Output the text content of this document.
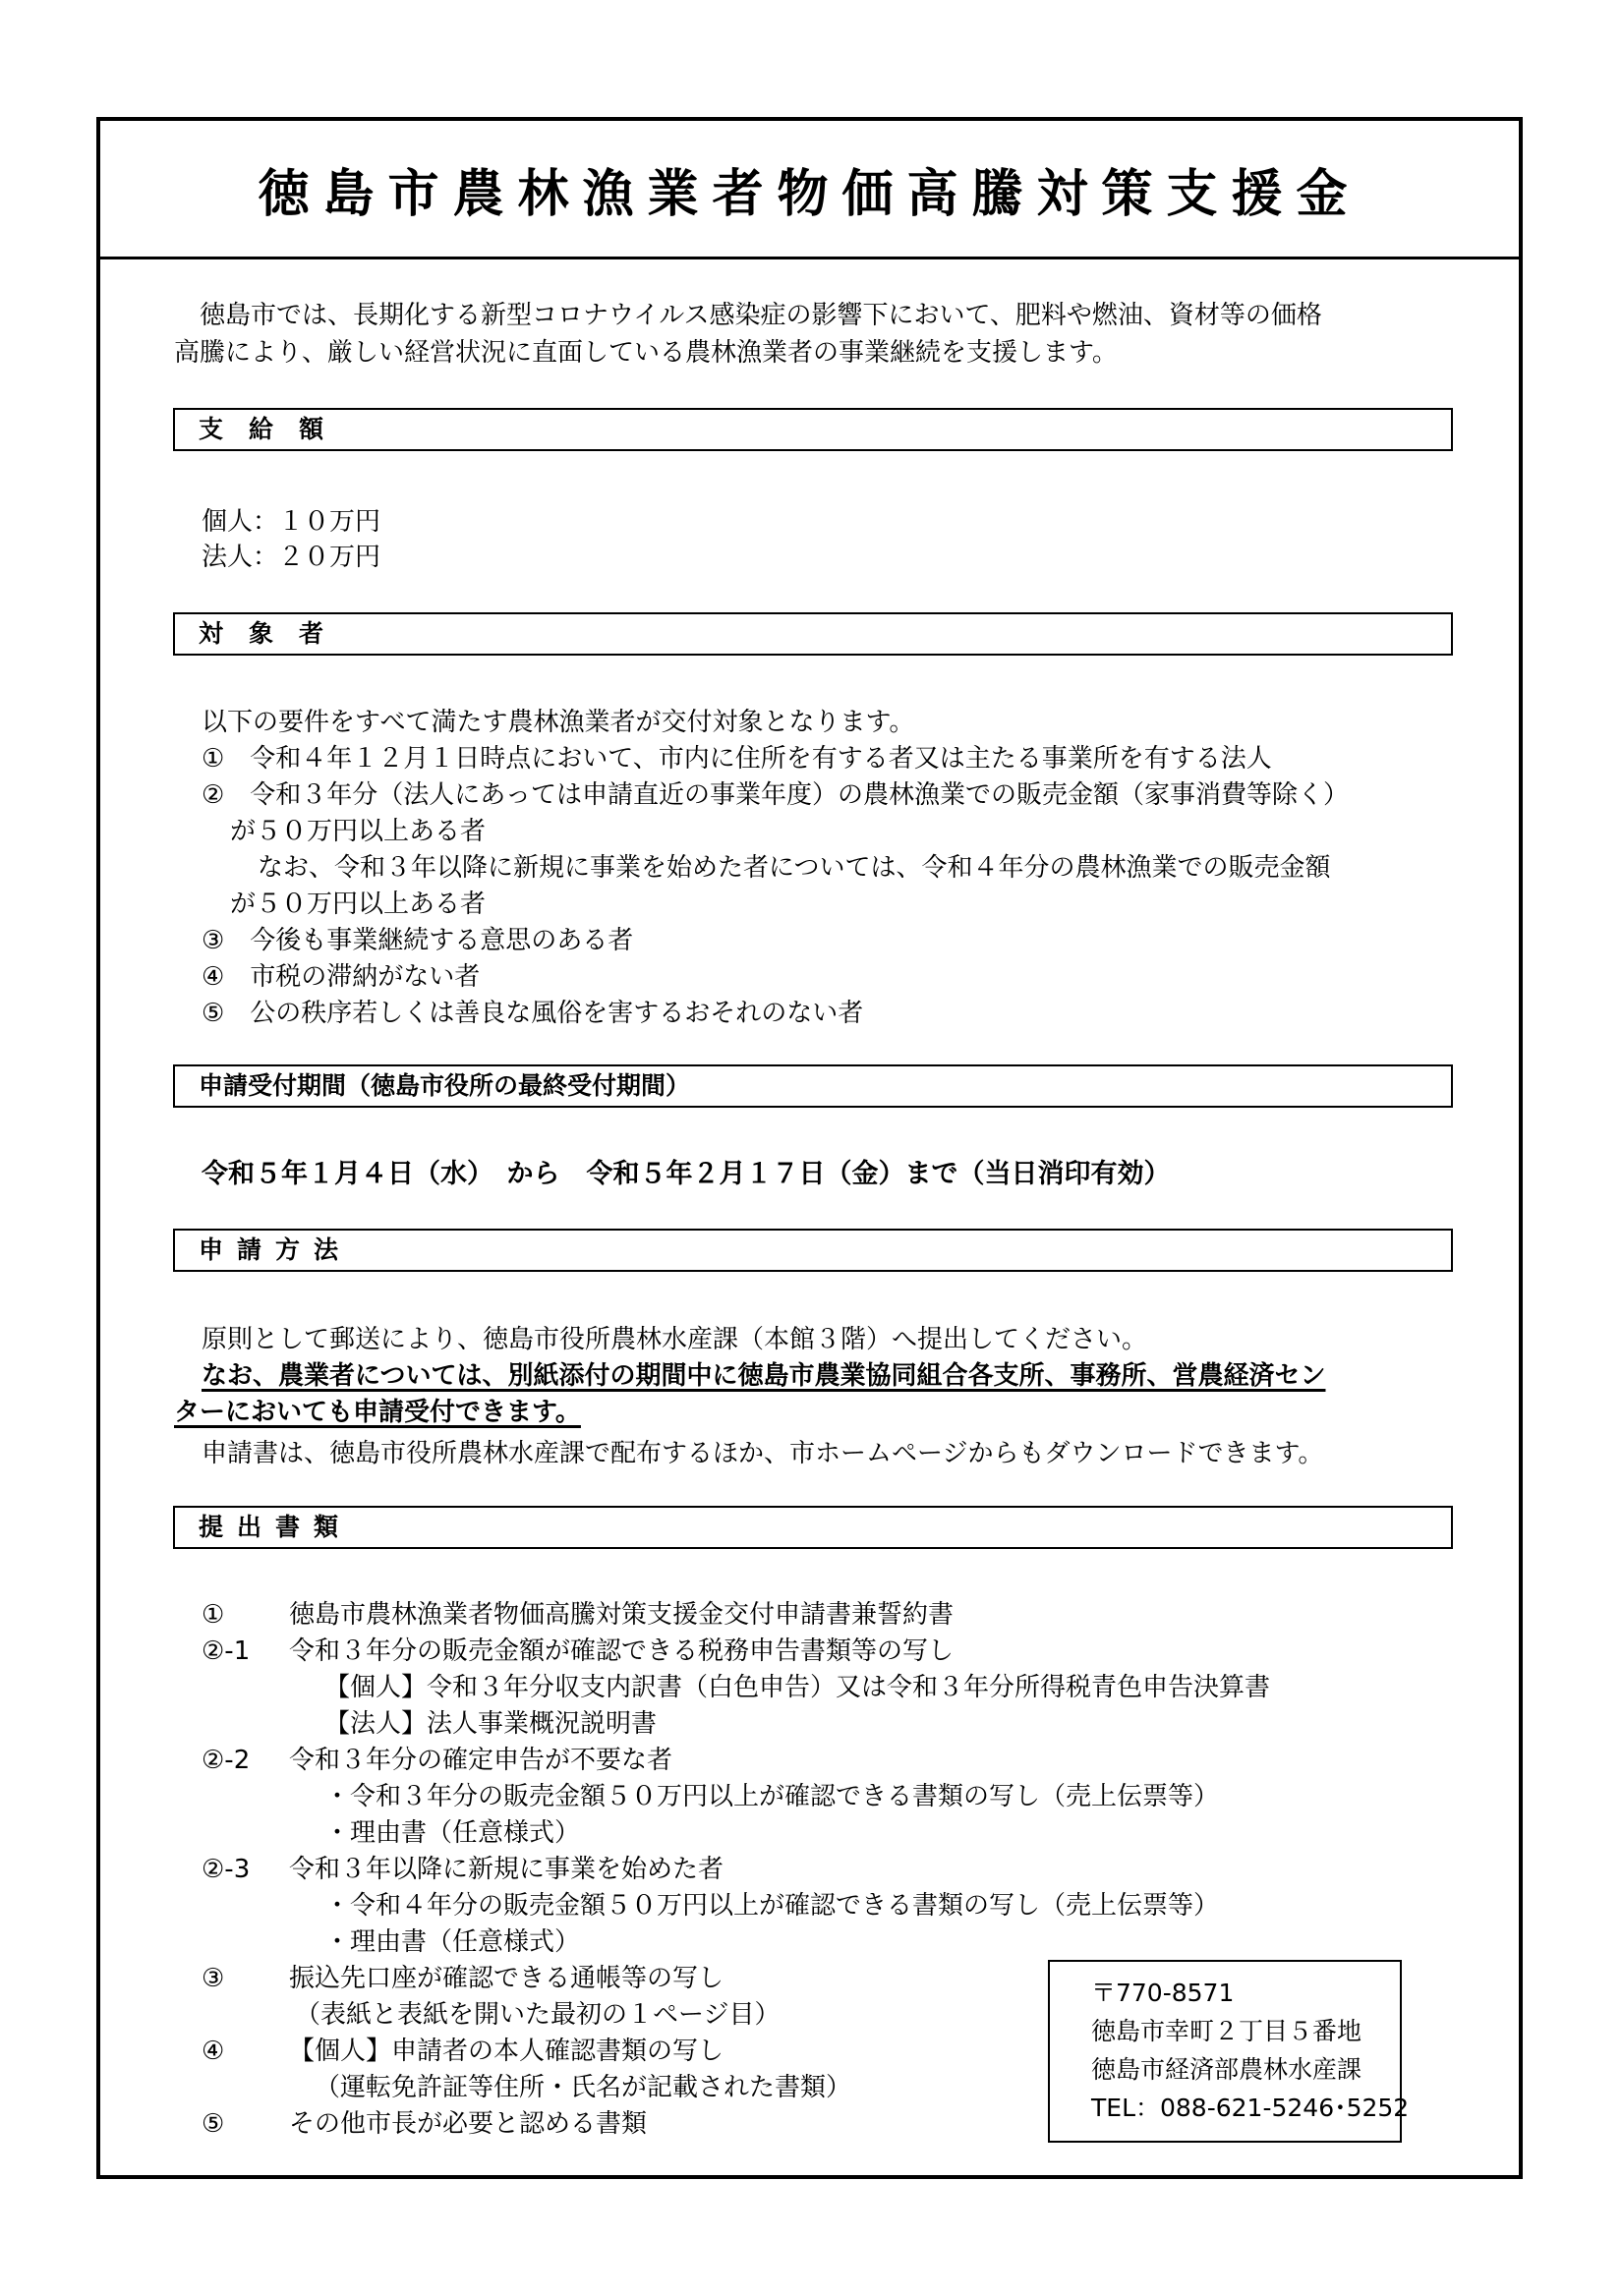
徳島市農林漁業者物価高騰対策支援金
　徳島市では、長期化する新型コロナウイルス感染症の影響下において、肥料や燃油、資材等の価格
高騰により、厳しい経営状況に直面している農林漁業者の事業継続を支援します。
支給額
個人：１０万円
法人：２０万円
対象者
以下の要件をすべて満たす農林漁業者が交付対象となります。
①　令和４年１２月１日時点において、市内に住所を有する者又は主たる事業所を有する法人
②　令和３年分（法人にあっては申請直近の事業年度）の農林漁業での販売金額（家事消費等除く）
が５０万円以上ある者
なお、令和３年以降に新規に事業を始めた者については、令和４年分の農林漁業での販売金額
が５０万円以上ある者
③　今後も事業継続する意思のある者
④　市税の滞納がない者
⑤　公の秩序若しくは善良な風俗を害するおそれのない者
申請受付期間（徳島市役所の最終受付期間）
令和５年１月４日（水）　から　令和５年２月１７日（金）まで（当日消印有効）
申請方法
原則として郵送により、徳島市役所農林水産課（本館３階）へ提出してください。
なお、農業者については、別紙添付の期間中に徳島市農業協同組合各支所、事務所、営農経済セン
ターにおいても申請受付できます。
申請書は、徳島市役所農林水産課で配布するほか、市ホームページからもダウンロードできます。
提出書類
①	徳島市農林漁業者物価高騰対策支援金交付申請書兼誓約書
②-1 令和３年分の販売金額が確認できる税務申告書類等の写し
【個人】令和３年分収支内訳書（白色申告）又は令和３年分所得税青色申告決算書
【法人】法人事業概況説明書
②-2 令和３年分の確定申告が不要な者
・令和３年分の販売金額５０万円以上が確認できる書類の写し（売上伝票等）
・理由書（任意様式）
②-3 令和３年以降に新規に事業を始めた者
・令和４年分の販売金額５０万円以上が確認できる書類の写し（売上伝票等）
・理由書（任意様式）
③	振込先口座が確認できる通帳等の写し
（表紙と表紙を開いた最初の１ページ目）
④	【個人】申請者の本人確認書類の写し
（運転免許証等住所・氏名が記載された書類）
⑤	その他市長が必要と認める書類
〒770-8571
徳島市幸町２丁目５番地
徳島市経済部農林水産課
TEL：088-621-5246･5252
